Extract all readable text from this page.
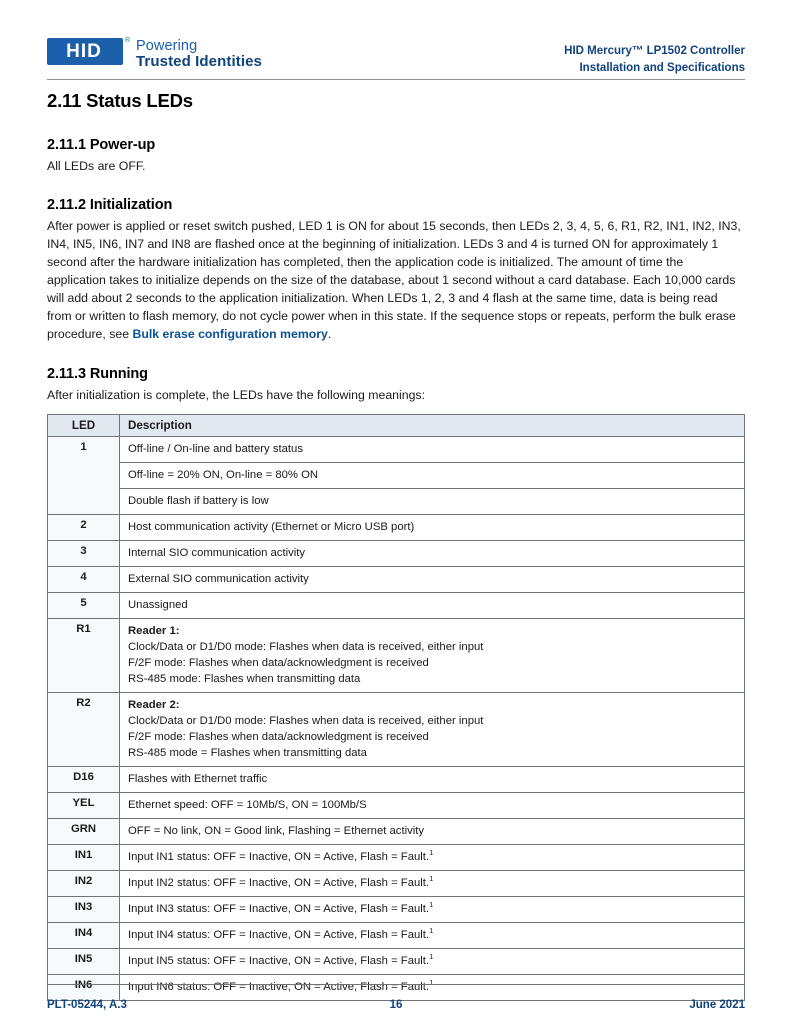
HID
® Powering
Trusted Identities
HID Mercury™ LP1502 Controller
Installation and Specifications
2.11 Status LEDs
2.11.1 Power-up

All LEDs are OFF.

2.11.2 Initialization

After power is applied or reset switch pushed, LED 1 is ON for about 15 seconds, then LEDs 2, 3, 4, 5, 6, R1, R2, IN1, IN2, IN3, IN4, IN5, IN6, IN7 and IN8 are flashed once at the beginning of initialization. LEDs 3 and 4 is turned ON for approximately 1 second after the hardware initialization has completed, then the application code is initialized. The amount of time the application takes to initialize depends on the size of the database, about 1 second without a card database. Each 10,000 cards will add about 2 seconds to the application initialization. When LEDs 1, 2, 3 and 4 flash at the same time, data is being read from or written to flash memory, do not cycle power when in this state. If the sequence stops or repeats, perform the bulk erase procedure, see Bulk erase configuration memory.

2.11.3 Running

After initialization is complete, the LEDs have the following meanings:

LED	Description
1	Off-line / On-line and battery status

	Off-line = 20% ON, On-line = 80% ON

	Double flash if battery is low

2	Host communication activity (Ethernet or Micro USB port)

3	Internal SIO communication activity

4	External SIO communication activity

5	Unassigned

R1	Reader 1:
Clock/Data or D1/D0 mode: Flashes when data is received, either input
F/2F mode: Flashes when data/acknowledgment is received
RS-485 mode: Flashes when transmitting data

R2	Reader 2:
Clock/Data or D1/D0 mode: Flashes when data is received, either input
F/2F mode: Flashes when data/acknowledgment is received
RS-485 mode = Flashes when transmitting data

D16	Flashes with Ethernet traffic

YEL	Ethernet speed: OFF = 10Mb/S, ON = 100Mb/S

GRN	OFF = No link, ON = Good link, Flashing = Ethernet activity

IN1	Input IN1 status: OFF = Inactive, ON = Active, Flash = Fault.$^1$

IN2	Input IN2 status: OFF = Inactive, ON = Active, Flash = Fault.$^1$

IN3	Input IN3 status: OFF = Inactive, ON = Active, Flash = Fault.$^1$

IN4	Input IN4 status: OFF = Inactive, ON = Active, Flash = Fault.$^1$

IN5	Input IN5 status: OFF = Inactive, ON = Active, Flash = Fault.$^1$

IN6	Input IN6 status: OFF = Inactive, ON = Active, Flash = Fault.$^1$
PLT-05244, A.3	16	June 2021
